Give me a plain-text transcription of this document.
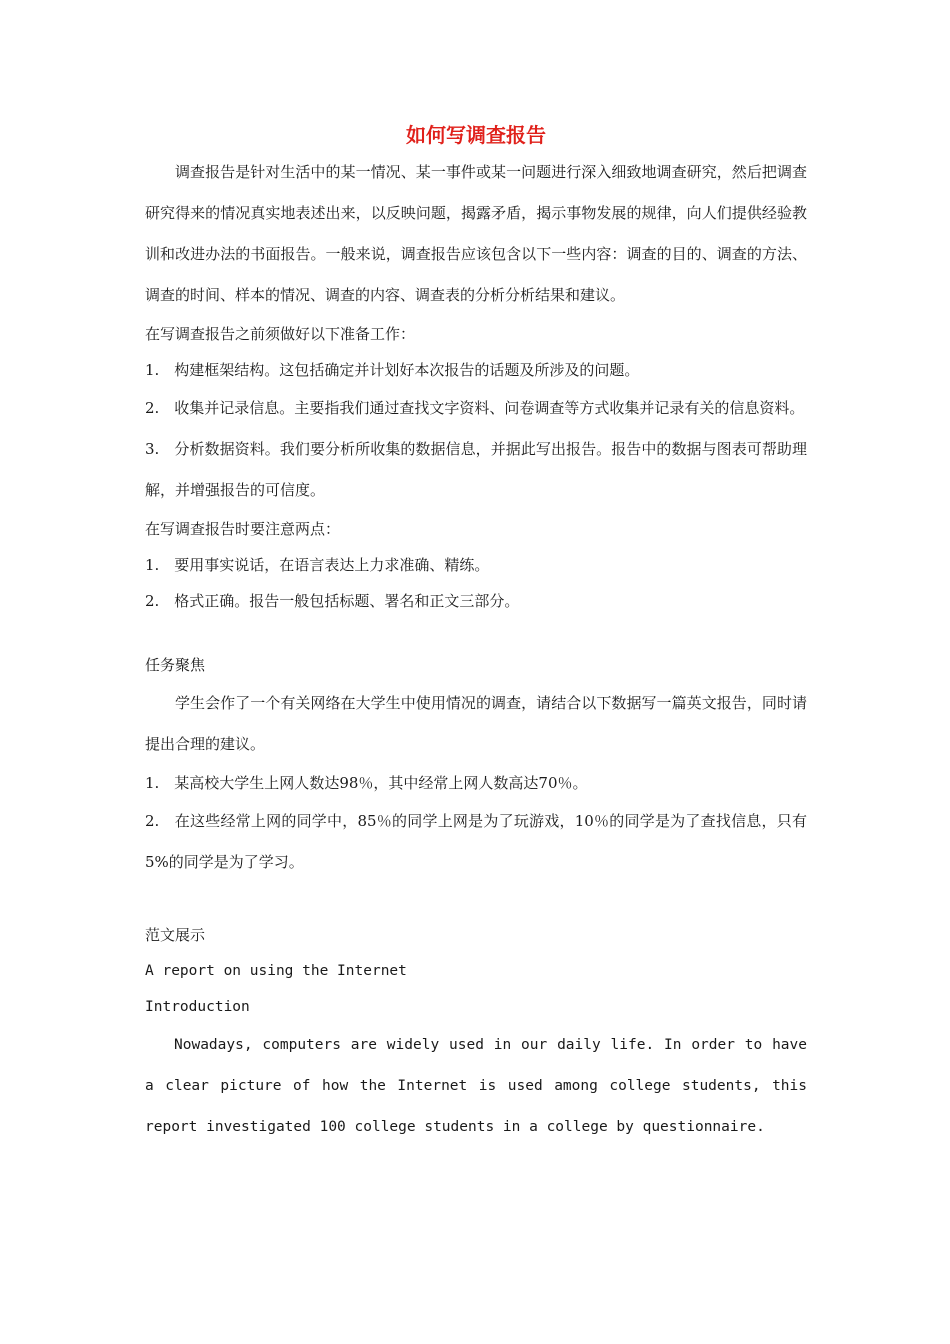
如何写调查报告

调查报告是针对生活中的某一情况、某一事件或某一问题进行深入细致地调查研究，然后把调查研究得来的情况真实地表述出来，以反映问题，揭露矛盾，揭示事物发展的规律，向人们提供经验教训和改进办法的书面报告。一般来说，调查报告应该包含以下一些内容：调查的目的、调查的方法、调查的时间、样本的情况、调查的内容、调查表的分析分析结果和建议。

在写调查报告之前须做好以下准备工作：

1.　构建框架结构。这包括确定并计划好本次报告的话题及所涉及的问题。

2.　收集并记录信息。主要指我们通过查找文字资料、问卷调查等方式收集并记录有关的信息资料。

3.　分析数据资料。我们要分析所收集的数据信息，并据此写出报告。报告中的数据与图表可帮助理解，并增强报告的可信度。

在写调查报告时要注意两点：

1.　要用事实说话，在语言表达上力求准确、精练。

2.　格式正确。报告一般包括标题、署名和正文三部分。

任务聚焦

学生会作了一个有关网络在大学生中使用情况的调查，请结合以下数据写一篇英文报告，同时请提出合理的建议。

1.　某高校大学生上网人数达98％，其中经常上网人数高达70％。

2.　在这些经常上网的同学中，85％的同学上网是为了玩游戏，10％的同学是为了查找信息，只有5%的同学是为了学习。

范文展示

A report on using the Internet

Introduction

Nowadays, computers are widely used in our daily life. In order to have a clear picture of how the Internet is used among college students, this report investigated 100 college students in a college by questionnaire.
